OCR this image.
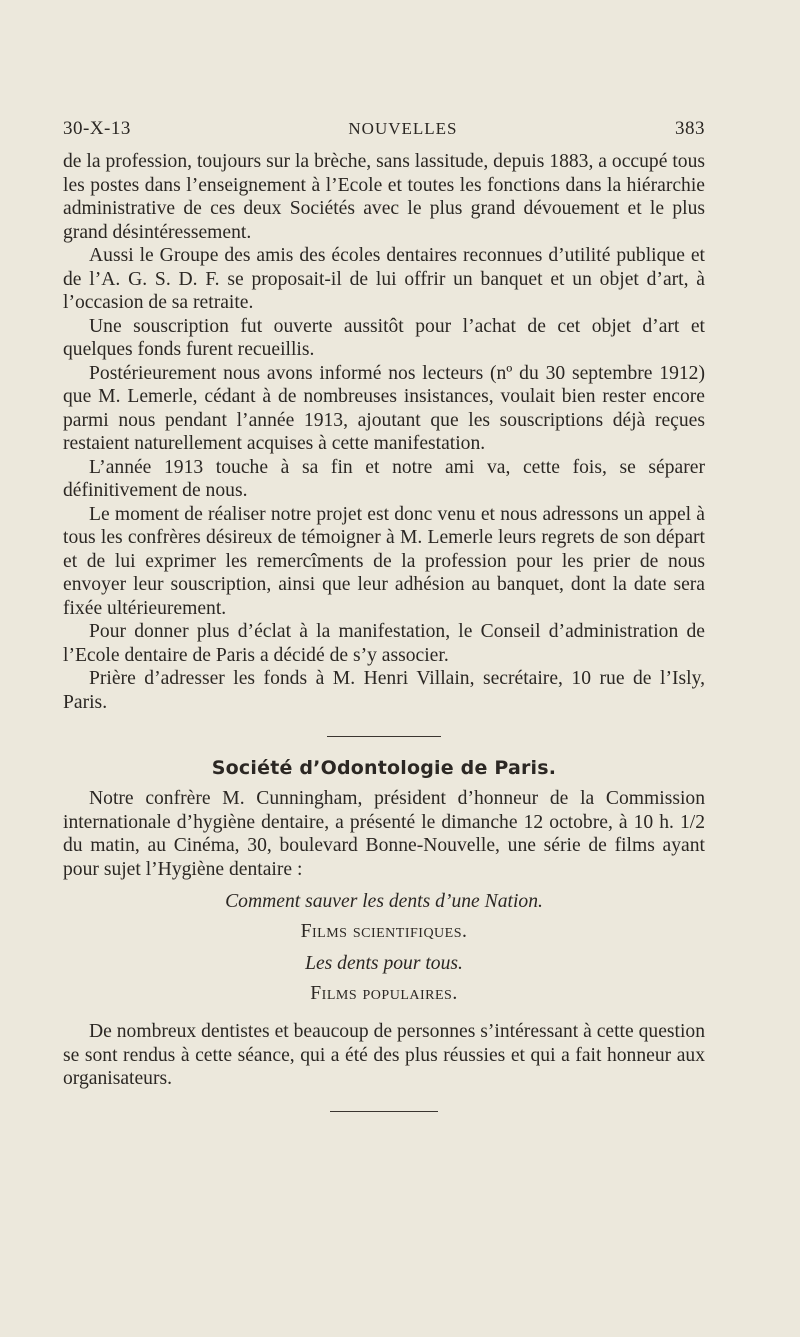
30-X-13	NOUVELLES	383

de la profession, toujours sur la brèche, sans lassitude, depuis 1883, a occupé tous les postes dans l’enseignement à l’Ecole et toutes les fonctions dans la hiérarchie administrative de ces deux Sociétés avec le plus grand dévouement et le plus grand désintéressement.

Aussi le Groupe des amis des écoles dentaires reconnues d’utilité publique et de l’A. G. S. D. F. se proposait-il de lui offrir un banquet et un objet d’art, à l’occasion de sa retraite.

Une souscription fut ouverte aussitôt pour l’achat de cet objet d’art et quelques fonds furent recueillis.

Postérieurement nous avons informé nos lecteurs (nº du 30 septembre 1912) que M. Lemerle, cédant à de nombreuses insistances, voulait bien rester encore parmi nous pendant l’année 1913, ajoutant que les souscriptions déjà reçues restaient naturellement acquises à cette manifestation.

L’année 1913 touche à sa fin et notre ami va, cette fois, se séparer définitivement de nous.

Le moment de réaliser notre projet est donc venu et nous adressons un appel à tous les confrères désireux de témoigner à M. Lemerle leurs regrets de son départ et de lui exprimer les remercîments de la profession pour les prier de nous envoyer leur souscription, ainsi que leur adhésion au banquet, dont la date sera fixée ultérieurement.

Pour donner plus d’éclat à la manifestation, le Conseil d’administration de l’Ecole dentaire de Paris a décidé de s’y associer.

Prière d’adresser les fonds à M. Henri Villain, secrétaire, 10 rue de l’Isly, Paris.

Société d’Odontologie de Paris.

Notre confrère M. Cunningham, président d’honneur de la Commission internationale d’hygiène dentaire, a présenté le dimanche 12 octobre, à 10 h. 1/2 du matin, au Cinéma, 30, boulevard Bonne-Nouvelle, une série de films ayant pour sujet l’Hygiène dentaire :

Comment sauver les dents d’une Nation.
Films scientifiques.
Les dents pour tous.
Films populaires.

De nombreux dentistes et beaucoup de personnes s’intéressant à cette question se sont rendus à cette séance, qui a été des plus réussies et qui a fait honneur aux organisateurs.
